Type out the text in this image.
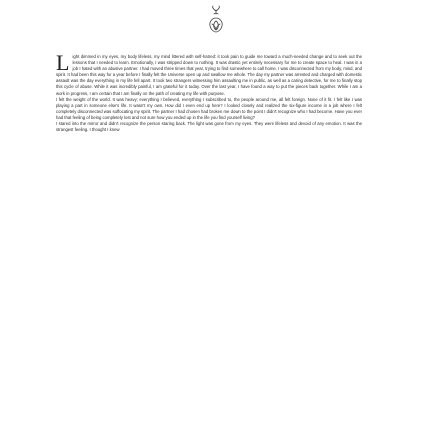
Light dimmed in my eyes, my body lifeless, my mind littered with self-hatred: it took pain to guide me toward a much-needed change and to seek out the lessons that I needed to learn. Emotionally, I was stripped down to nothing. It was drastic yet entirely necessary for me to create space to heal. I was in a job I hated with an abusive partner. I had moved three times that year, trying to find somewhere to call home. I was disconnected from my body, mind, and spirit. It had been this way for a year before I finally felt the Universe open up and swallow me whole. The day my partner was arrested and charged with domestic assault was the day everything in my life fell apart. It took two strangers witnessing him assaulting me in public, as well as a caring detective, for me to finally stop this cycle of abuse. While it was incredibly painful, I am grateful for it today. Over the last year, I have found a way to put the pieces back together. While I am a work in progress, I am certain that I am finally on the path of creating my life with purpose.

I felt the weight of the world. It was heavy; everything I believed, everything I subscribed to, the people around me, all felt foreign. None of it fit. I felt like I was playing a part in someone else's life. It wasn't my own. How did I even end up here? I looked closely and realized the six-figure income in a job where I felt completely disconnected was suffocating my spirit. The partner I had chosen had broken me down to the point I didn't recognize who I had become. Have you ever had that feeling of being completely lost and not sure how you ended up in the life you find yourself living?

I stared into the mirror and didn't recognize the person staring back. The light was gone from my eyes. They were lifeless and devoid of any emotion. It was the strangest feeling. I thought I knew
